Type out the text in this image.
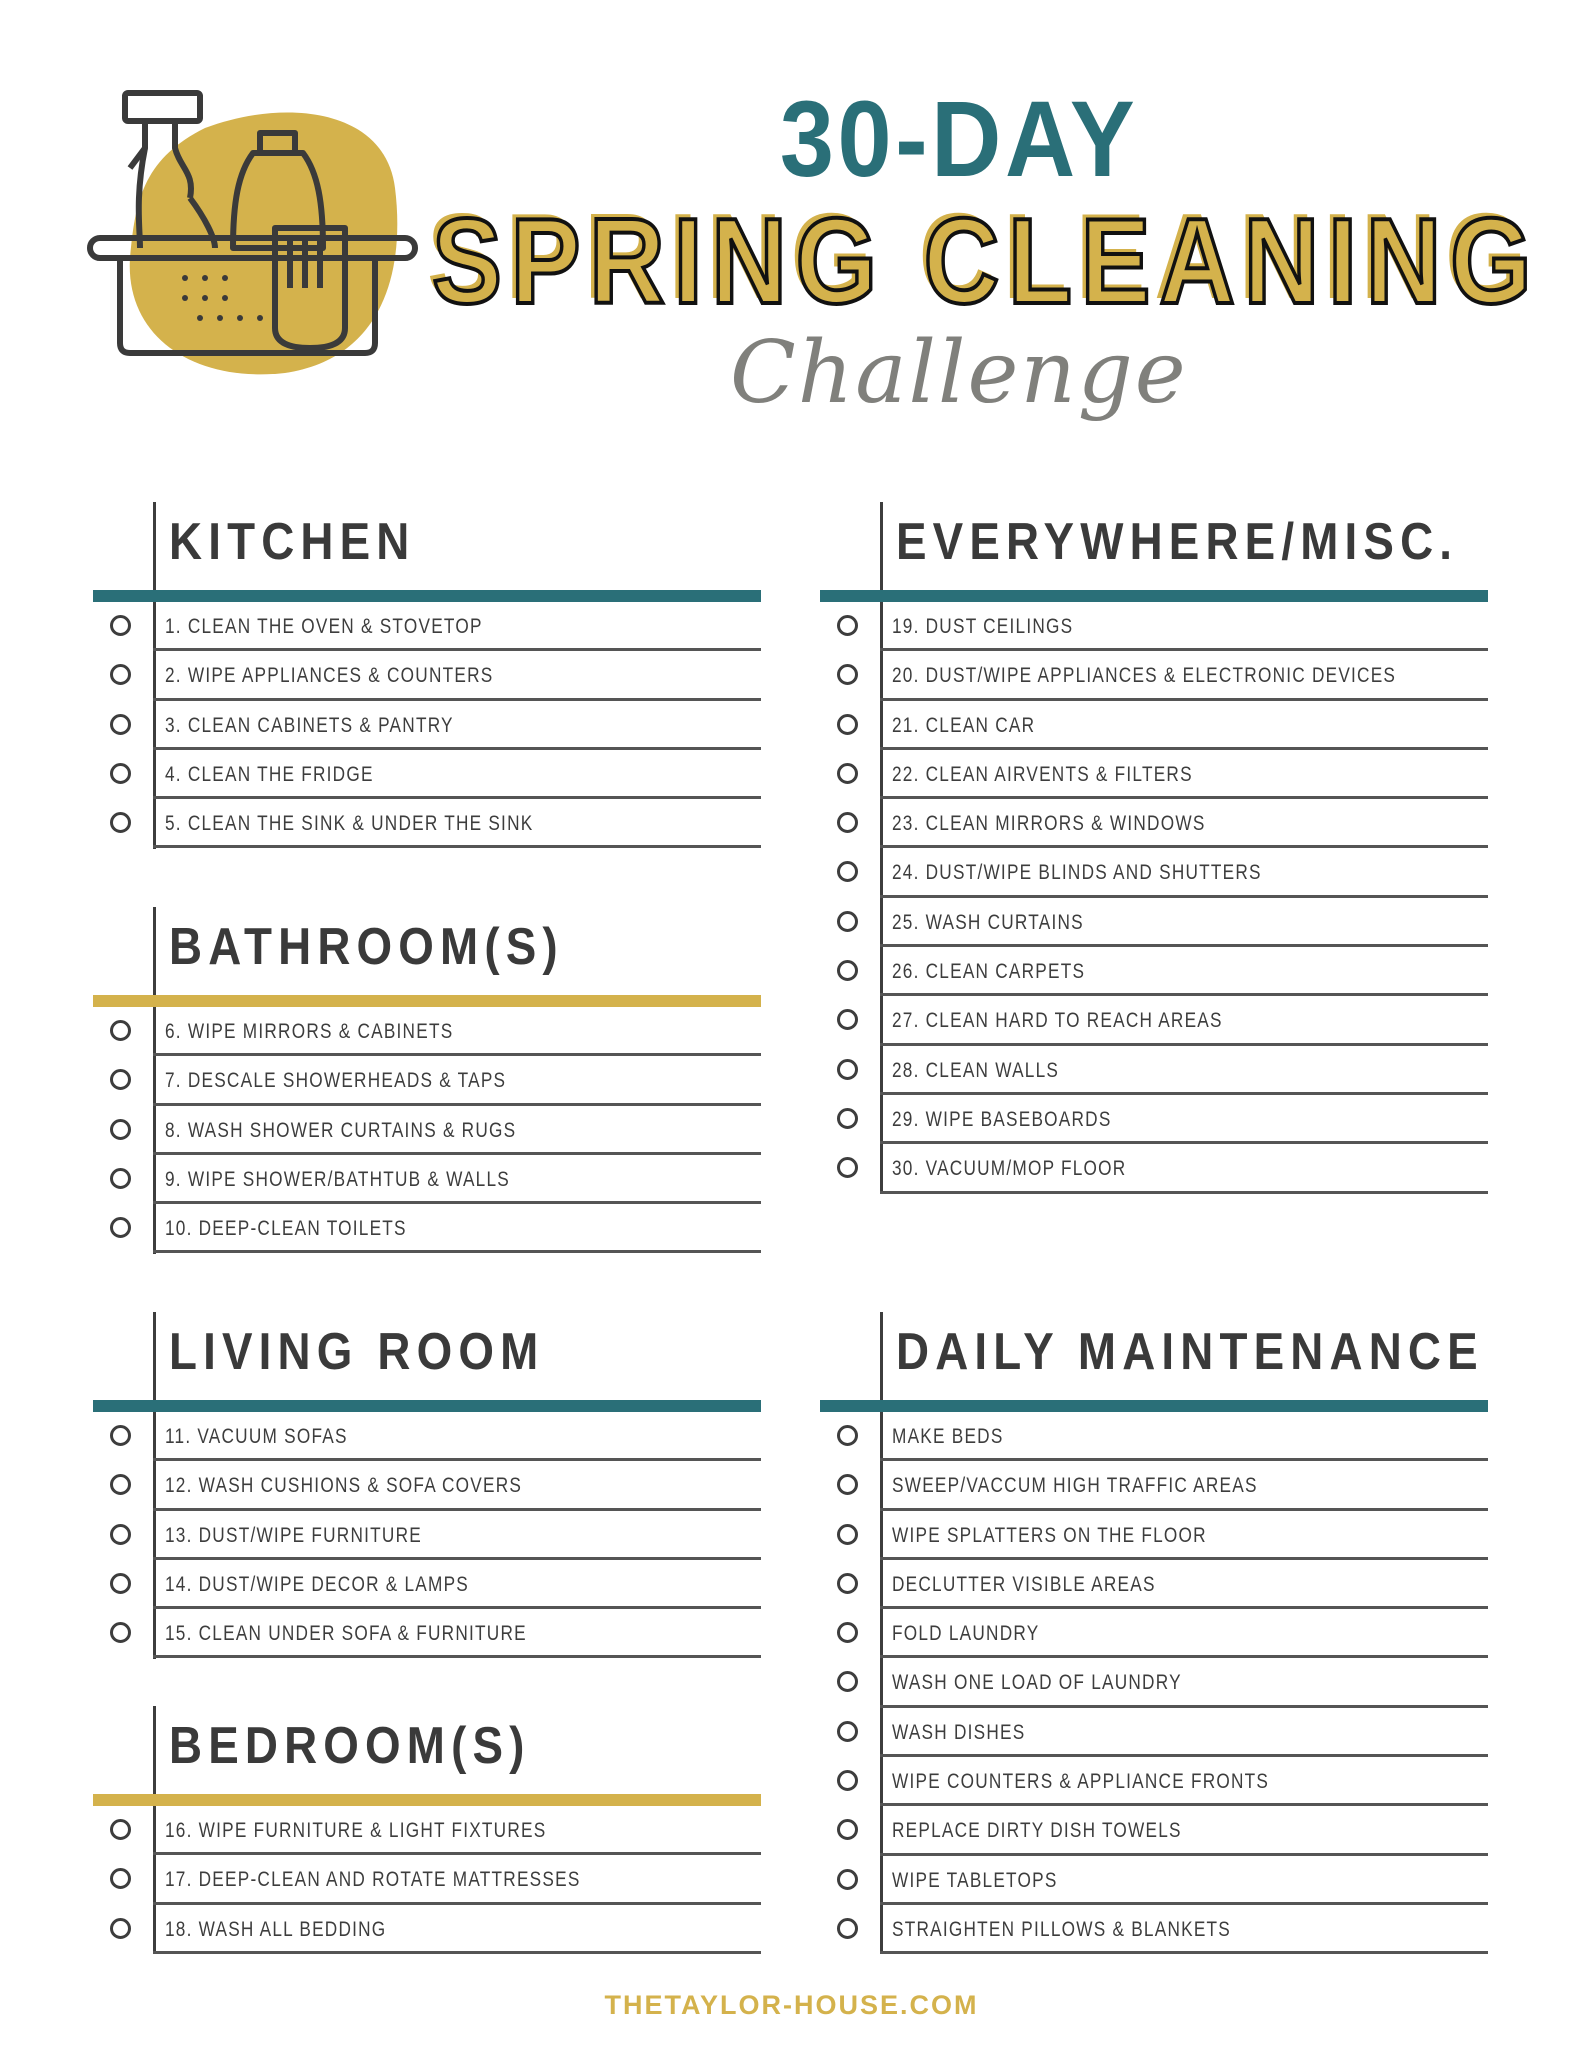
30-DAY
SPRING CLEANING
Challenge
KITCHEN
1. CLEAN THE OVEN & STOVETOP
2. WIPE APPLIANCES & COUNTERS
3. CLEAN CABINETS & PANTRY
4. CLEAN THE FRIDGE
5. CLEAN THE SINK & UNDER THE SINK
BATHROOM(S)
6. WIPE MIRRORS & CABINETS
7. DESCALE SHOWERHEADS & TAPS
8. WASH SHOWER CURTAINS & RUGS
9. WIPE SHOWER/BATHTUB & WALLS
10. DEEP-CLEAN TOILETS
LIVING ROOM
11. VACUUM SOFAS
12. WASH CUSHIONS & SOFA COVERS
13. DUST/WIPE FURNITURE
14. DUST/WIPE DECOR & LAMPS
15. CLEAN UNDER SOFA & FURNITURE
BEDROOM(S)
16. WIPE FURNITURE & LIGHT FIXTURES
17. DEEP-CLEAN AND ROTATE MATTRESSES
18. WASH ALL BEDDING
EVERYWHERE/MISC.
19. DUST CEILINGS
20. DUST/WIPE APPLIANCES & ELECTRONIC DEVICES
21. CLEAN CAR
22. CLEAN AIRVENTS & FILTERS
23. CLEAN MIRRORS & WINDOWS
24. DUST/WIPE BLINDS AND SHUTTERS
25. WASH CURTAINS
26. CLEAN CARPETS
27. CLEAN HARD TO REACH AREAS
28. CLEAN WALLS
29. WIPE BASEBOARDS
30. VACUUM/MOP FLOOR
DAILY MAINTENANCE
MAKE BEDS
SWEEP/VACCUM HIGH TRAFFIC AREAS
WIPE SPLATTERS ON THE FLOOR
DECLUTTER VISIBLE AREAS
FOLD LAUNDRY
WASH ONE LOAD OF LAUNDRY
WASH DISHES
WIPE COUNTERS & APPLIANCE FRONTS
REPLACE DIRTY DISH TOWELS
WIPE TABLETOPS
STRAIGHTEN PILLOWS & BLANKETS
THETAYLOR-HOUSE.COM
